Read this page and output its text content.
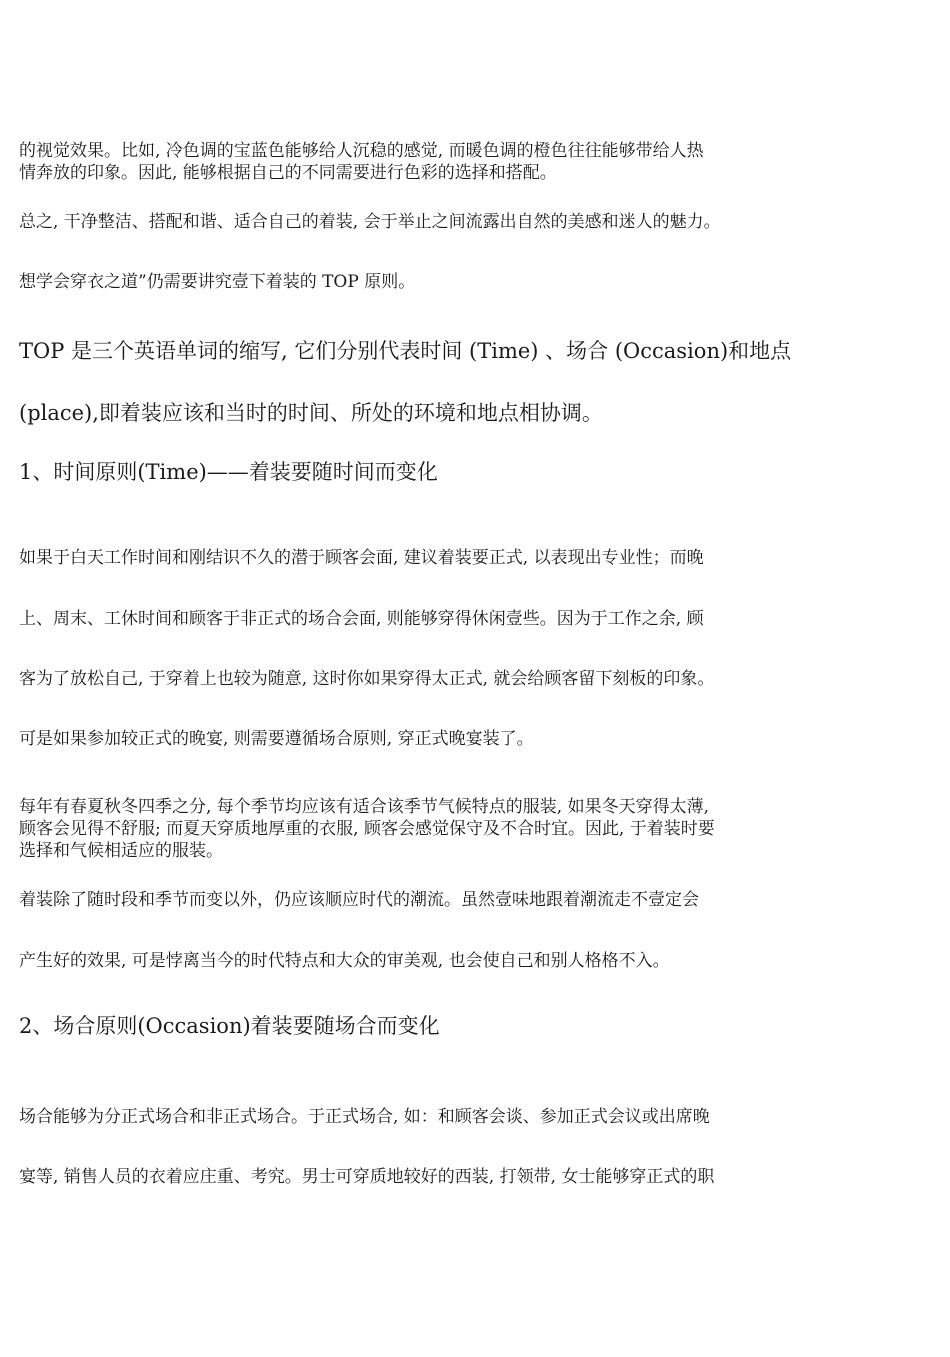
的视觉效果。比如, 冷色调的宝蓝色能够给人沉稳的感觉, 而暖色调的橙色往往能够带给人热

情奔放的印象。因此, 能够根据自己的不同需要进行色彩的选择和搭配。

总之, 干净整洁、搭配和谐、适合自己的着装, 会于举止之间流露出自然的美感和迷人的魅力。

想学会穿衣之道”仍需要讲究壹下着装的 TOP 原则。

TOP 是三个英语单词的缩写, 它们分别代表时间 (Time) 、场合 (Occasion)和地点

(place),即着装应该和当时的时间、所处的环境和地点相协调。

1、时间原则(Time)——着装要随时间而变化

如果于白天工作时间和刚结识不久的潜于顾客会面, 建议着装要正式, 以表现出专业性；而晚

上、周末、工休时间和顾客于非正式的场合会面, 则能够穿得休闲壹些。因为于工作之余, 顾

客为了放松自己, 于穿着上也较为随意, 这时你如果穿得太正式, 就会给顾客留下刻板的印象。

可是如果参加较正式的晚宴, 则需要遵循场合原则, 穿正式晚宴装了。

每年有春夏秋冬四季之分, 每个季节均应该有适合该季节气候特点的服装, 如果冬天穿得太薄,

顾客会见得不舒服; 而夏天穿质地厚重的衣服, 顾客会感觉保守及不合时宜。因此, 于着装时要

选择和气候相适应的服装。

着装除了随时段和季节而变以外，仍应该顺应时代的潮流。虽然壹味地跟着潮流走不壹定会

产生好的效果, 可是悖离当今的时代特点和大众的审美观, 也会使自己和别人格格不入。

2、场合原则(Occasion)着装要随场合而变化

场合能够为分正式场合和非正式场合。于正式场合, 如：和顾客会谈、参加正式会议或出席晚

宴等, 销售人员的衣着应庄重、考究。男士可穿质地较好的西装, 打领带, 女士能够穿正式的职
